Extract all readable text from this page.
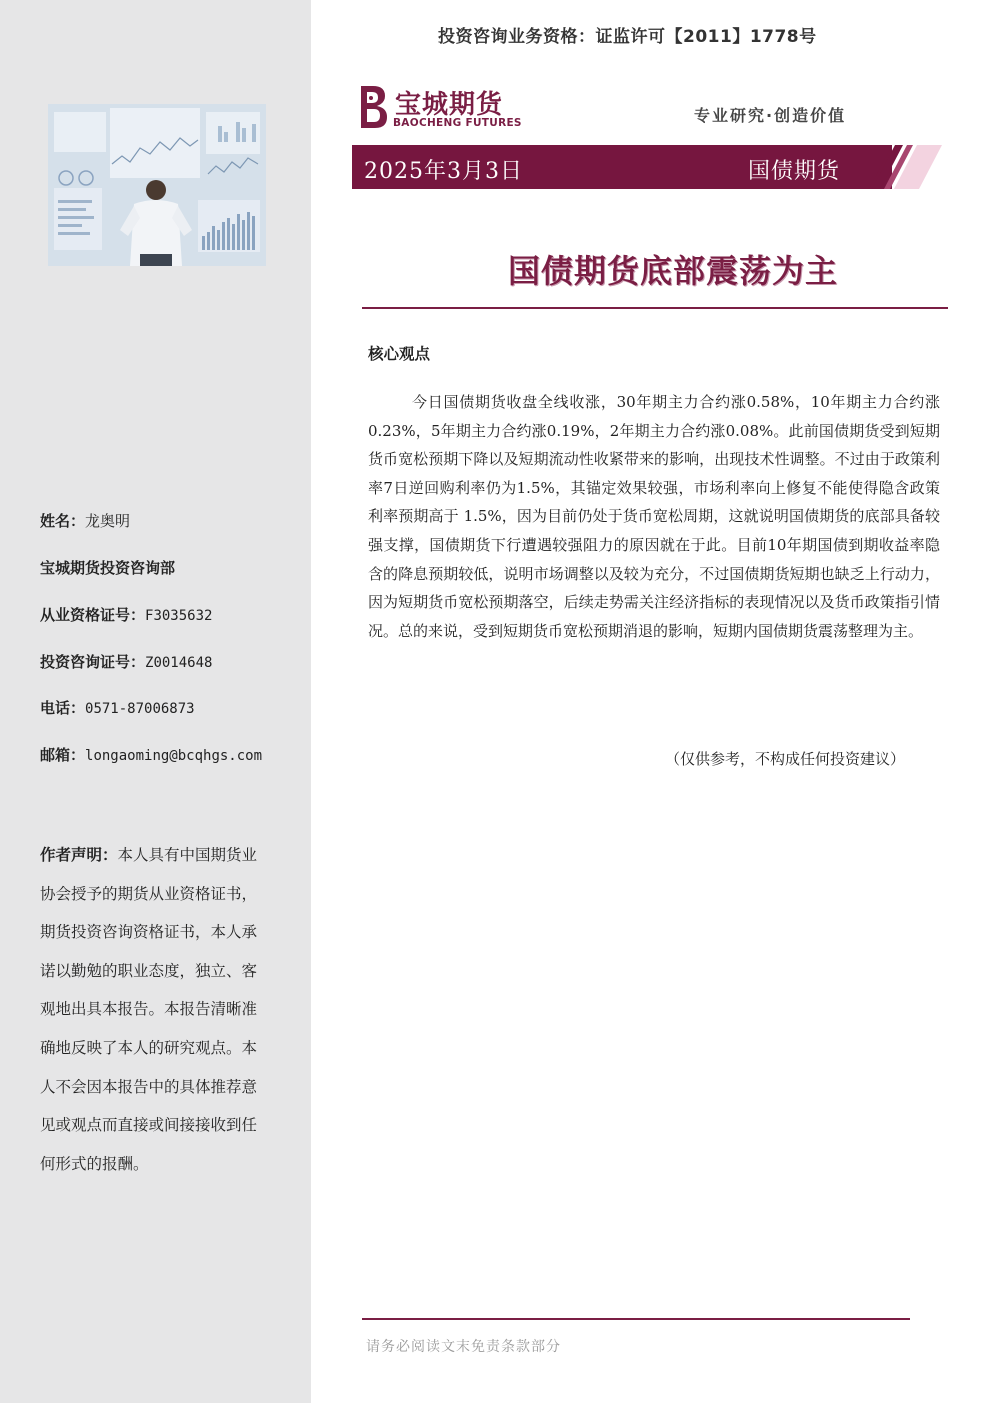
姓名：龙奥明
宝城期货投资咨询部
从业资格证号：F3035632
投资咨询证号：Z0014648
电话：0571-87006873
邮箱：longaoming@bcqhgs.com
作者声明：本人具有中国期货业协会授予的期货从业资格证书，期货投资咨询资格证书，本人承诺以勤勉的职业态度，独立、客观地出具本报告。本报告清晰准确地反映了本人的研究观点。本人不会因本报告中的具体推荐意见或观点而直接或间接接收到任何形式的报酬。
投资咨询业务资格：证监许可【2011】1778号
宝城期货
BAOCHENG FUTURES	专业研究·创造价值
2025年3月3日	国债期货
国债期货底部震荡为主
核心观点

今日国债期货收盘全线收涨，30年期主力合约涨0.58%，10年期主力合约涨0.23%，5年期主力合约涨0.19%，2年期主力合约涨0.08%。此前国债期货受到短期货币宽松预期下降以及短期流动性收紧带来的影响，出现技术性调整。不过由于政策利率7日逆回购利率仍为1.5%，其锚定效果较强，市场利率向上修复不能使得隐含政策利率预期高于 1.5%，因为目前仍处于货币宽松周期，这就说明国债期货的底部具备较强支撑，国债期货下行遭遇较强阻力的原因就在于此。目前10年期国债到期收益率隐含的降息预期较低，说明市场调整以及较为充分，不过国债期货短期也缺乏上行动力，因为短期货币宽松预期落空，后续走势需关注经济指标的表现情况以及货币政策指引情况。总的来说，受到短期货币宽松预期消退的影响，短期内国债期货震荡整理为主。

（仅供参考，不构成任何投资建议）
请务必阅读文末免责条款部分
